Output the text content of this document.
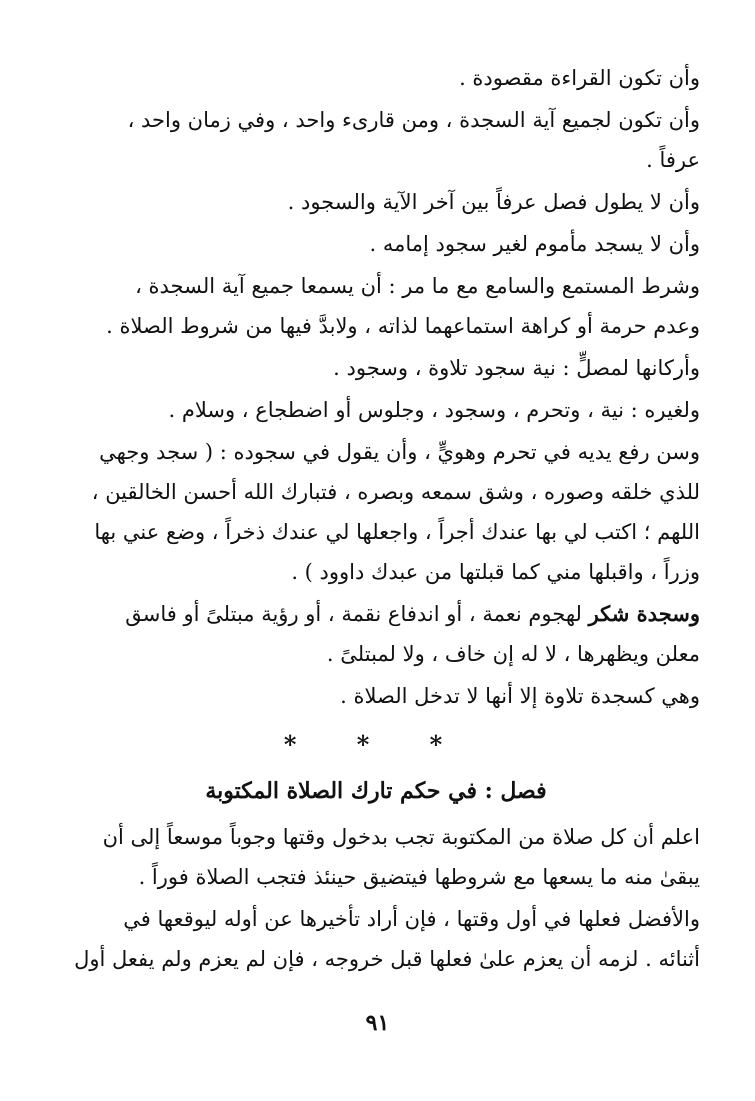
وأن تكون القراءة مقصودة .

وأن تكون لجميع آية السجدة ، ومن قارىء واحد ، وفي زمان واحد ،
عرفاً .

وأن لا يطول فصل عرفاً بين آخر الآية والسجود .

وأن لا يسجد مأموم لغير سجود إمامه .

وشرط المستمع والسامع مع ما مر : أن يسمعا جميع آية السجدة ،
وعدم حرمة أو كراهة استماعهما لذاته ، ولابدَّ فيها من شروط الصلاة .

وأركانها لمصلٍّ : نية سجود تلاوة ، وسجود .

ولغيره : نية ، وتحرم ، وسجود ، وجلوس أو اضطجاع ، وسلام .

وسن رفع يديه في تحرم وهويٍّ ، وأن يقول في سجوده : ( سجد وجهي
للذي خلقه وصوره ، وشق سمعه وبصره ، فتبارك الله أحسن الخالقين ،
اللهم ؛ اكتب لي بها عندك أجراً ، واجعلها لي عندك ذخراً ، وضع عني بها
وزراً ، واقبلها مني كما قبلتها من عبدك داوود ) .

وسجدة شكر لهجوم نعمة ، أو اندفاع نقمة ، أو رؤية مبتلىً أو فاسق
معلن ويظهرها ، لا له إن خاف ، ولا لمبتلىً .

وهي كسجدة تلاوة إلا أنها لا تدخل الصلاة .

* * *
فصل : في حكم تارك الصلاة المكتوبة

اعلم أن كل صلاة من المكتوبة تجب بدخول وقتها وجوباً موسعاً إلى أن
يبقىٰ منه ما يسعها مع شروطها فيتضيق حينئذ فتجب الصلاة فوراً .

والأفضل فعلها في أول وقتها ، فإن أراد تأخيرها عن أوله ليوقعها في
أثنائه . لزمه أن يعزم علىٰ فعلها قبل خروجه ، فإن لم يعزم ولم يفعل أول

٩١
